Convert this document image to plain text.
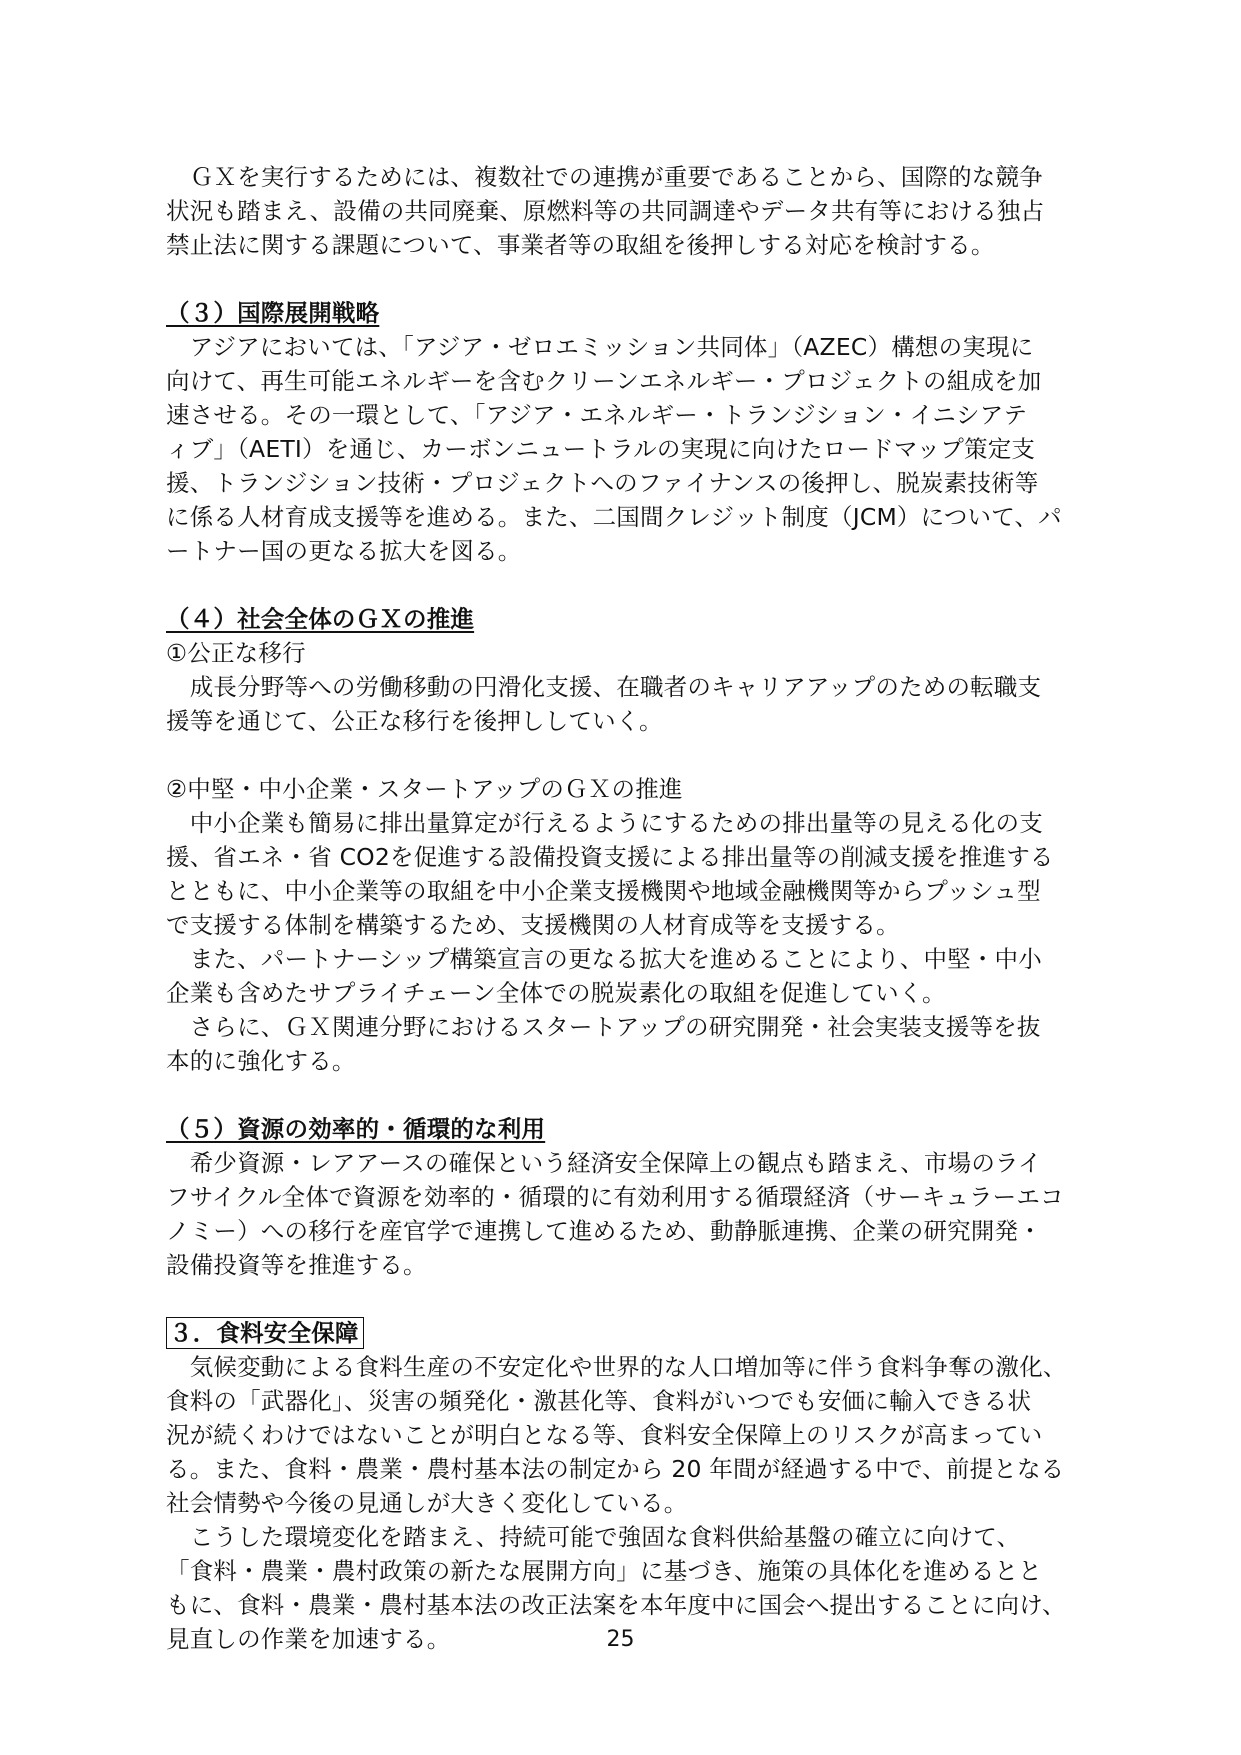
　ＧＸを実行するためには、複数社での連携が重要であることから、国際的な競争
状況も踏まえ、設備の共同廃棄、原燃料等の共同調達やデータ共有等における独占
禁止法に関する課題について、事業者等の取組を後押しする対応を検討する。
（３）国際展開戦略
　アジアにおいては、「アジア・ゼロエミッション共同体」（AZEC）構想の実現に
向けて、再生可能エネルギーを含むクリーンエネルギー・プロジェクトの組成を加
速させる。その一環として、「アジア・エネルギー・トランジション・イニシアテ
ィブ」（AETI）を通じ、カーボンニュートラルの実現に向けたロードマップ策定支
援、トランジション技術・プロジェクトへのファイナンスの後押し、脱炭素技術等
に係る人材育成支援等を進める。また、二国間クレジット制度（JCM）について、パ
ートナー国の更なる拡大を図る。
（４）社会全体のＧＸの推進
①公正な移行
　成長分野等への労働移動の円滑化支援、在職者のキャリアアップのための転職支
援等を通じて、公正な移行を後押ししていく。
②中堅・中小企業・スタートアップのＧＸの推進
　中小企業も簡易に排出量算定が行えるようにするための排出量等の見える化の支
援、省エネ・省 CO2を促進する設備投資支援による排出量等の削減支援を推進する
とともに、中小企業等の取組を中小企業支援機関や地域金融機関等からプッシュ型
で支援する体制を構築するため、支援機関の人材育成等を支援する。
　また、パートナーシップ構築宣言の更なる拡大を進めることにより、中堅・中小
企業も含めたサプライチェーン全体での脱炭素化の取組を促進していく。
　さらに、ＧＸ関連分野におけるスタートアップの研究開発・社会実装支援等を抜
本的に強化する。
（５）資源の効率的・循環的な利用
　希少資源・レアアースの確保という経済安全保障上の観点も踏まえ、市場のライ
フサイクル全体で資源を効率的・循環的に有効利用する循環経済（サーキュラーエコ
ノミー）への移行を産官学で連携して進めるため、動静脈連携、企業の研究開発・
設備投資等を推進する。
３．食料安全保障
　気候変動による食料生産の不安定化や世界的な人口増加等に伴う食料争奪の激化、
食料の「武器化」、災害の頻発化・激甚化等、食料がいつでも安価に輸入できる状
況が続くわけではないことが明白となる等、食料安全保障上のリスクが高まってい
る。また、食料・農業・農村基本法の制定から 20 年間が経過する中で、前提となる
社会情勢や今後の見通しが大きく変化している。
　こうした環境変化を踏まえ、持続可能で強固な食料供給基盤の確立に向けて、
「食料・農業・農村政策の新たな展開方向」に基づき、施策の具体化を進めるとと
もに、食料・農業・農村基本法の改正法案を本年度中に国会へ提出することに向け、
見直しの作業を加速する。	25
